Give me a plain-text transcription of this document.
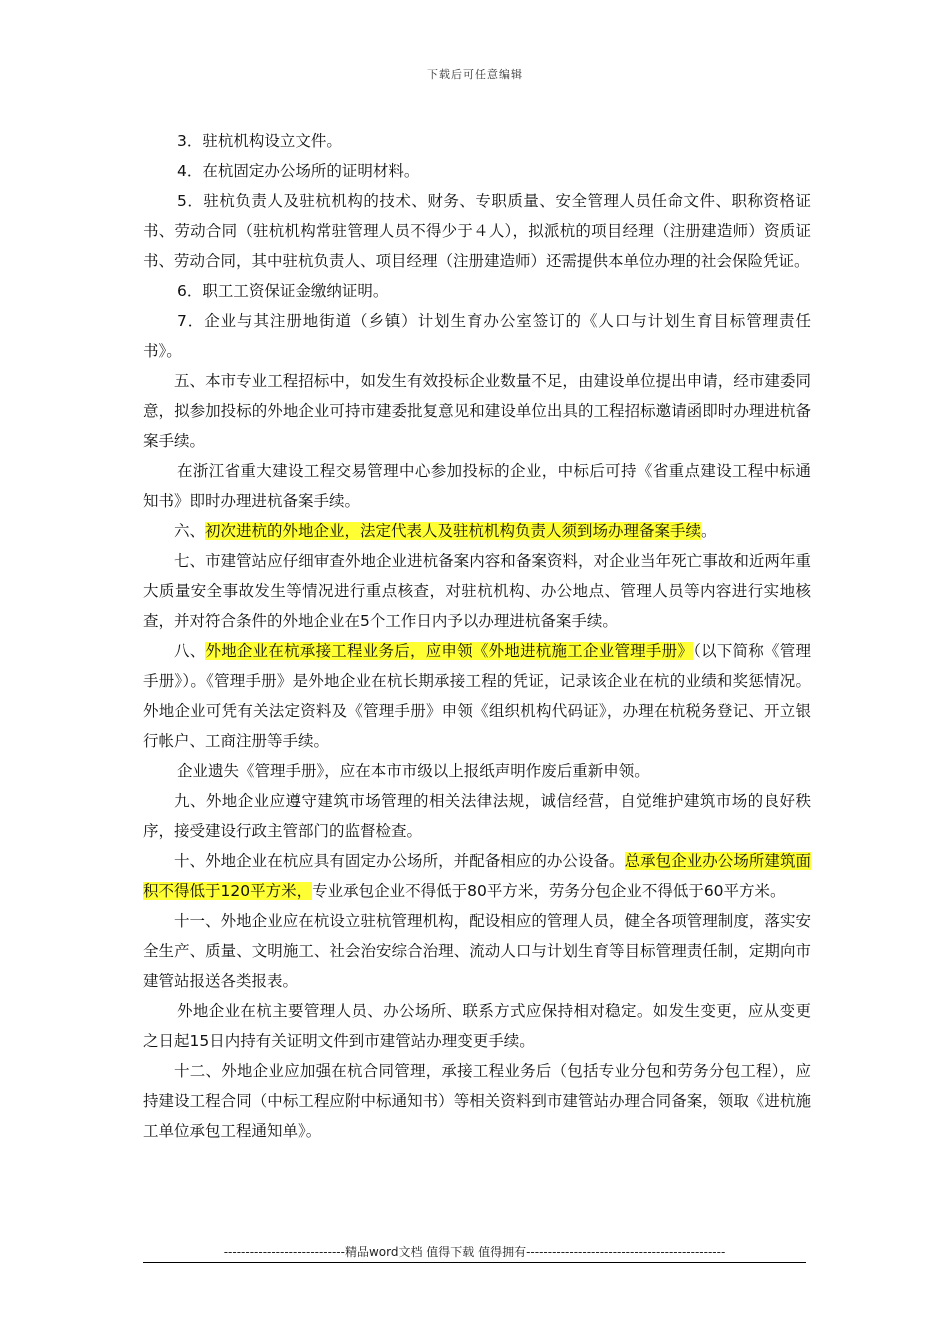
下载后可任意编辑

3．驻杭机构设立文件。

4．在杭固定办公场所的证明材料。

5．驻杭负责人及驻杭机构的技术、财务、专职质量、安全管理人员任命文件、职称资格证书、劳动合同（驻杭机构常驻管理人员不得少于４人），拟派杭的项目经理（注册建造师）资质证书、劳动合同，其中驻杭负责人、项目经理（注册建造师）还需提供本单位办理的社会保险凭证。

6．职工工资保证金缴纳证明。

7．企业与其注册地街道（乡镇）计划生育办公室签订的《人口与计划生育目标管理责任书》。

五、本市专业工程招标中，如发生有效投标企业数量不足，由建设单位提出申请，经市建委同意，拟参加投标的外地企业可持市建委批复意见和建设单位出具的工程招标邀请函即时办理进杭备案手续。

在浙江省重大建设工程交易管理中心参加投标的企业，中标后可持《省重点建设工程中标通知书》即时办理进杭备案手续。

六、初次进杭的外地企业，法定代表人及驻杭机构负责人须到场办理备案手续。

七、市建管站应仔细审查外地企业进杭备案内容和备案资料，对企业当年死亡事故和近两年重大质量安全事故发生等情况进行重点核查，对驻杭机构、办公地点、管理人员等内容进行实地核查，并对符合条件的外地企业在5个工作日内予以办理进杭备案手续。

八、外地企业在杭承接工程业务后，应申领《外地进杭施工企业管理手册》（以下简称《管理手册》）。《管理手册》是外地企业在杭长期承接工程的凭证，记录该企业在杭的业绩和奖惩情况。外地企业可凭有关法定资料及《管理手册》申领《组织机构代码证》，办理在杭税务登记、开立银行帐户、工商注册等手续。

企业遗失《管理手册》，应在本市市级以上报纸声明作废后重新申领。

九、外地企业应遵守建筑市场管理的相关法律法规，诚信经营，自觉维护建筑市场的良好秩序，接受建设行政主管部门的监督检查。

十、外地企业在杭应具有固定办公场所，并配备相应的办公设备。总承包企业办公场所建筑面积不得低于120平方米，专业承包企业不得低于80平方米，劳务分包企业不得低于60平方米。

十一、外地企业应在杭设立驻杭管理机构，配设相应的管理人员，健全各项管理制度，落实安全生产、质量、文明施工、社会治安综合治理、流动人口与计划生育等目标管理责任制，定期向市建管站报送各类报表。

外地企业在杭主要管理人员、办公场所、联系方式应保持相对稳定。如发生变更，应从变更之日起15日内持有关证明文件到市建管站办理变更手续。

十二、外地企业应加强在杭合同管理，承接工程业务后（包括专业分包和劳务分包工程），应持建设工程合同（中标工程应附中标通知书）等相关资料到市建管站办理合同备案，领取《进杭施工单位承包工程通知单》。

----------------------------精品word文档 值得下载 值得拥有----------------------------------------------
